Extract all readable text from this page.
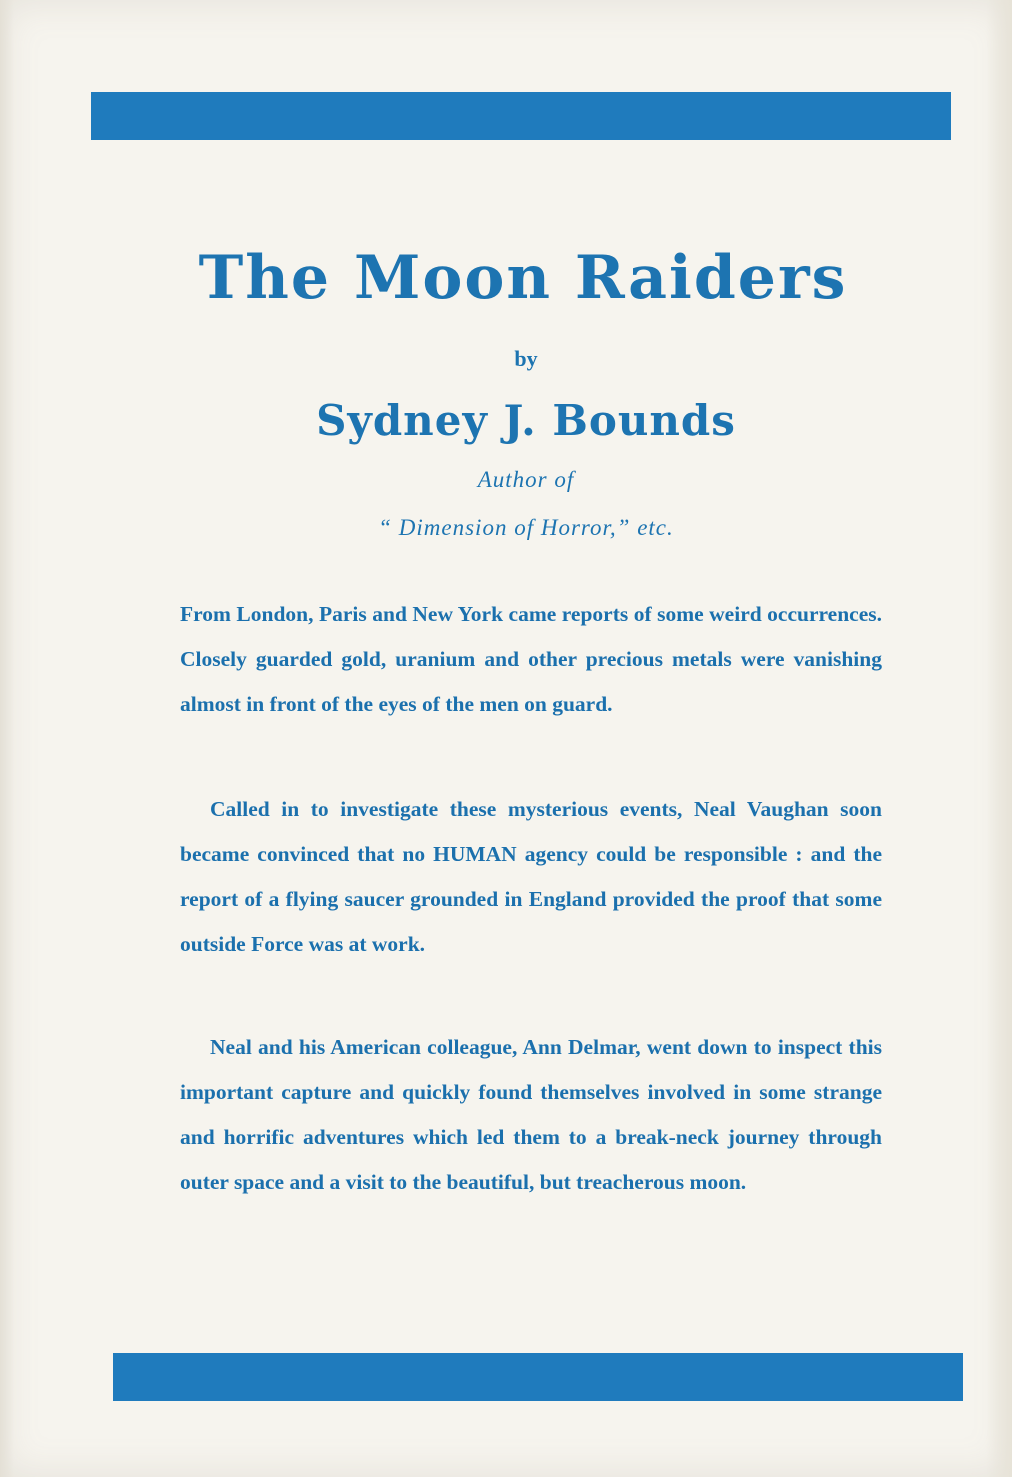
The Moon Raiders
by
Sydney J. Bounds
Author of
“ Dimension of Horror,” etc.

From London, Paris and New York came reports of some weird occurrences. Closely guarded gold, uranium and other precious metals were vanishing almost in front of the eyes of the men on guard.

Called in to investigate these mysterious events, Neal Vaughan soon became convinced that no HUMAN agency could be responsible : and the report of a flying saucer grounded in England provided the proof that some outside Force was at work.

Neal and his American colleague, Ann Delmar, went down to inspect this important capture and quickly found themselves involved in some strange and horrific adventures which led them to a break-neck journey through outer space and a visit to the beautiful, but treacherous moon.
